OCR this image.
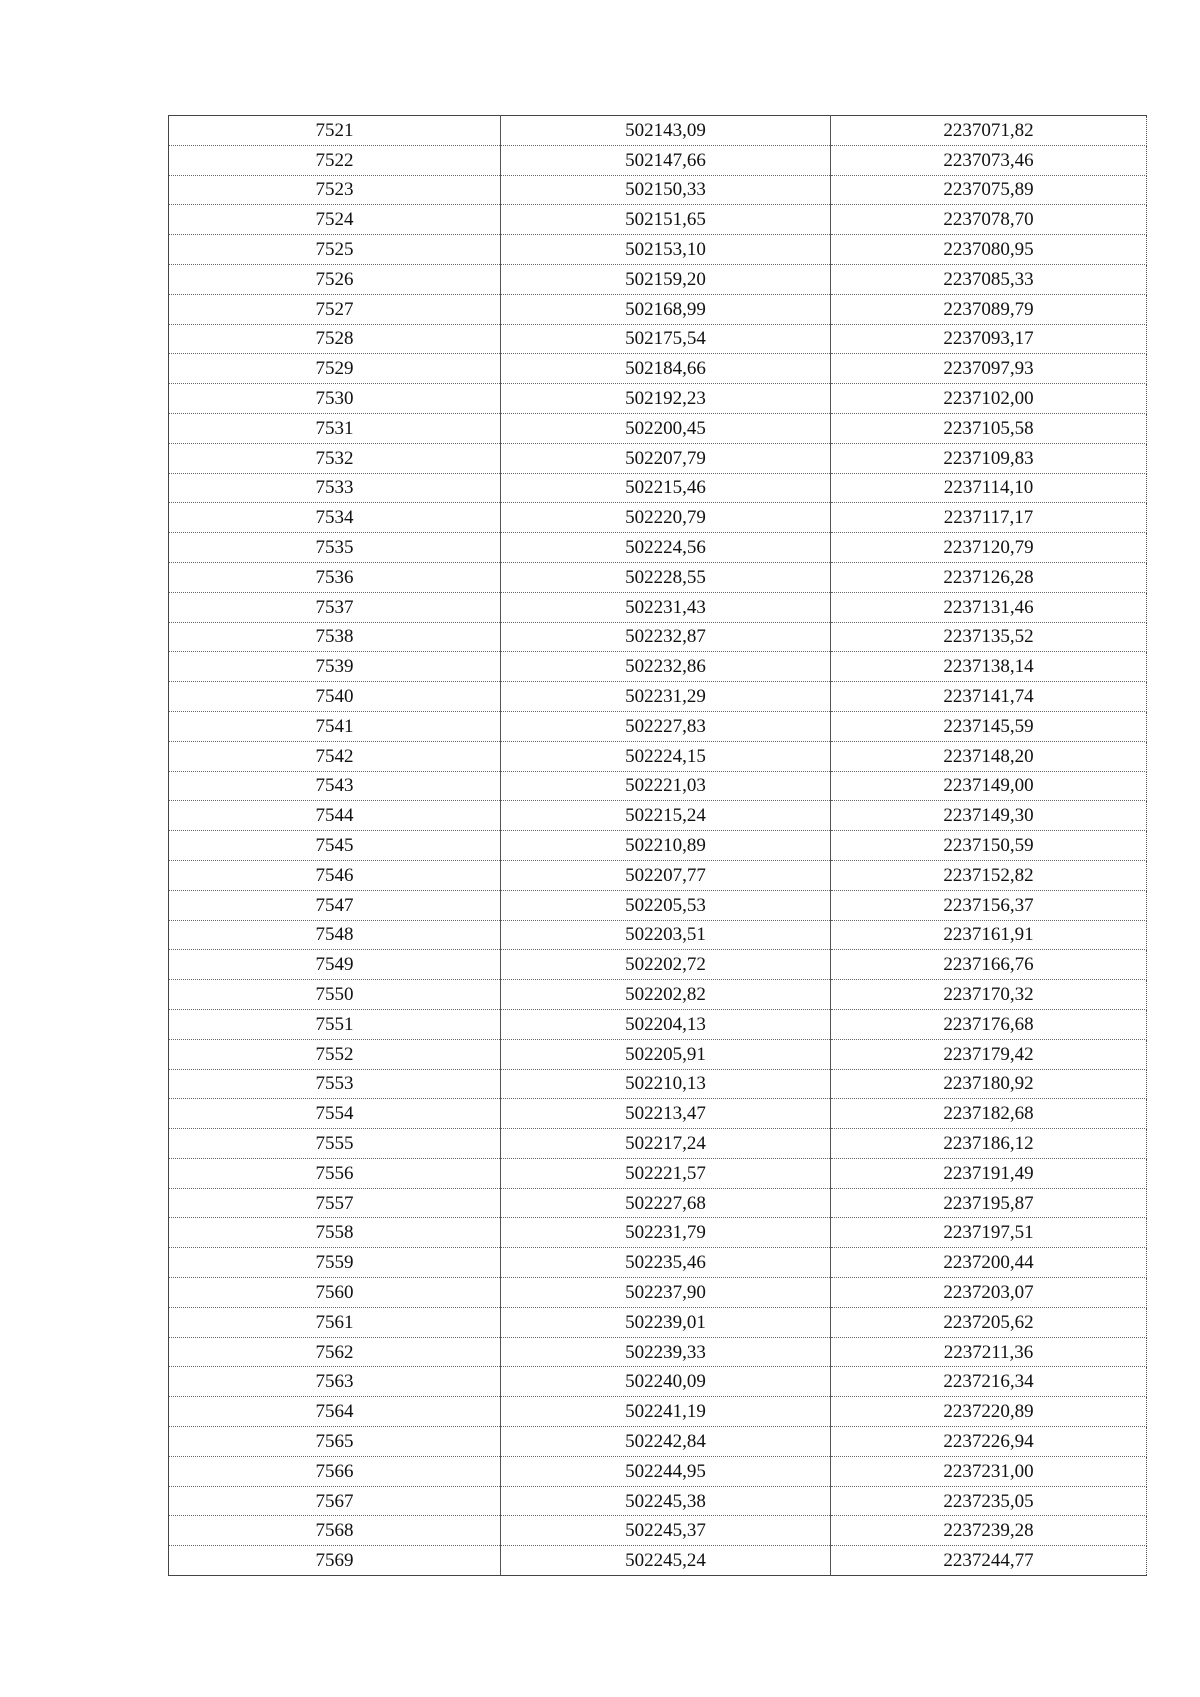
7521	502143,09	2237071,82
7522	502147,66	2237073,46
7523	502150,33	2237075,89
7524	502151,65	2237078,70
7525	502153,10	2237080,95
7526	502159,20	2237085,33
7527	502168,99	2237089,79
7528	502175,54	2237093,17
7529	502184,66	2237097,93
7530	502192,23	2237102,00
7531	502200,45	2237105,58
7532	502207,79	2237109,83
7533	502215,46	2237114,10
7534	502220,79	2237117,17
7535	502224,56	2237120,79
7536	502228,55	2237126,28
7537	502231,43	2237131,46
7538	502232,87	2237135,52
7539	502232,86	2237138,14
7540	502231,29	2237141,74
7541	502227,83	2237145,59
7542	502224,15	2237148,20
7543	502221,03	2237149,00
7544	502215,24	2237149,30
7545	502210,89	2237150,59
7546	502207,77	2237152,82
7547	502205,53	2237156,37
7548	502203,51	2237161,91
7549	502202,72	2237166,76
7550	502202,82	2237170,32
7551	502204,13	2237176,68
7552	502205,91	2237179,42
7553	502210,13	2237180,92
7554	502213,47	2237182,68
7555	502217,24	2237186,12
7556	502221,57	2237191,49
7557	502227,68	2237195,87
7558	502231,79	2237197,51
7559	502235,46	2237200,44
7560	502237,90	2237203,07
7561	502239,01	2237205,62
7562	502239,33	2237211,36
7563	502240,09	2237216,34
7564	502241,19	2237220,89
7565	502242,84	2237226,94
7566	502244,95	2237231,00
7567	502245,38	2237235,05
7568	502245,37	2237239,28
7569	502245,24	2237244,77
